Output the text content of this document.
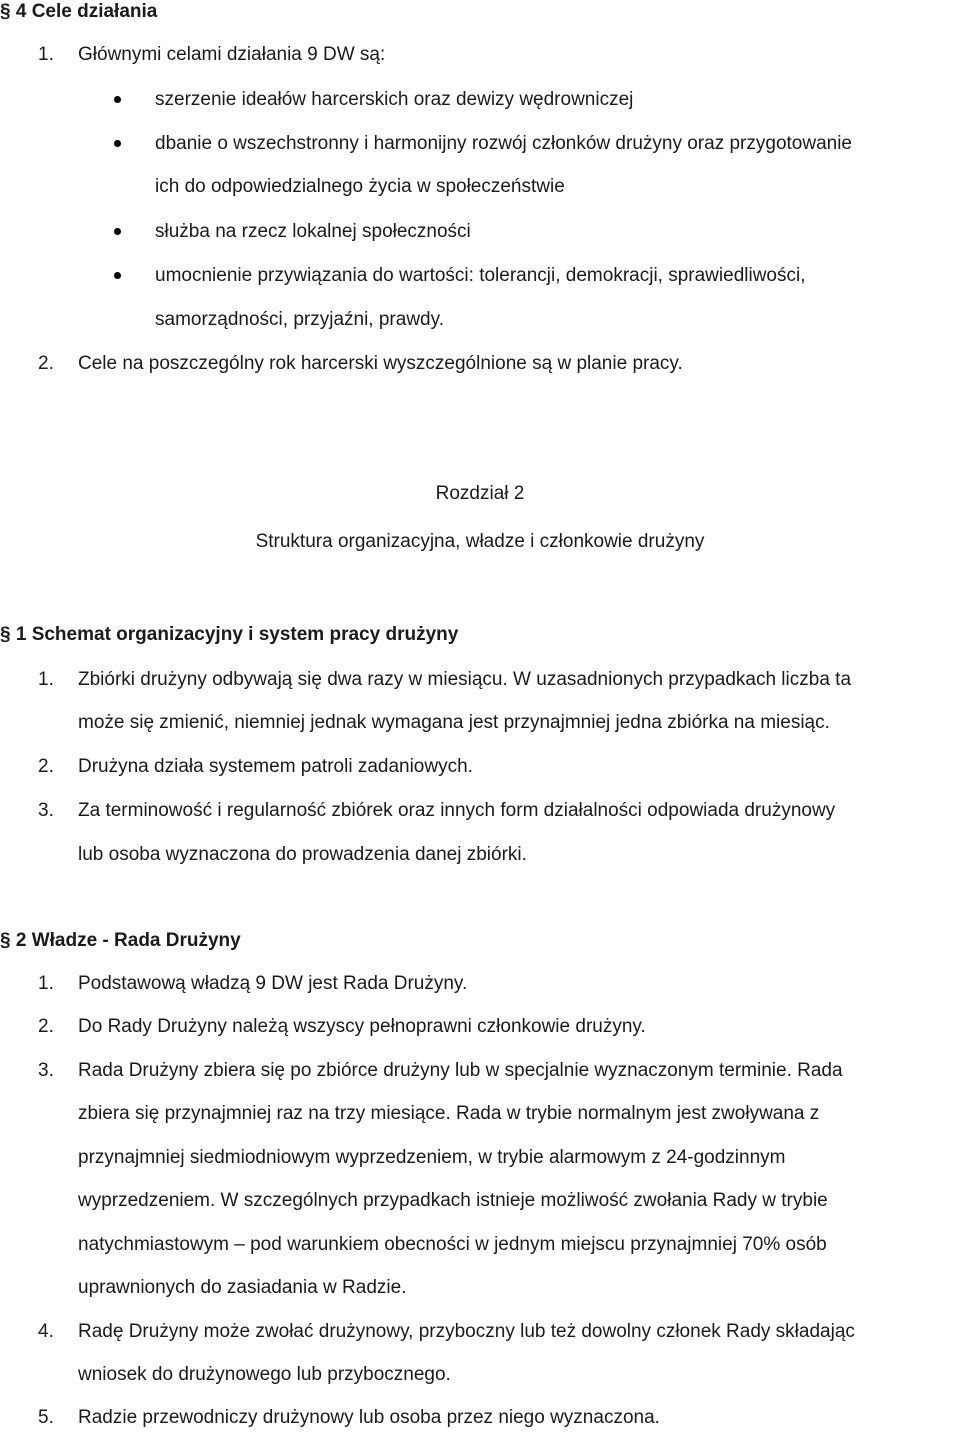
§ 4 Cele działania
1. Głównymi celami działania 9 DW są:
szerzenie ideałów harcerskich oraz dewizy wędrowniczej
dbanie o wszechstronny i harmonijny rozwój członków drużyny oraz przygotowanie
ich do odpowiedzialnego życia w społeczeństwie
służba na rzecz lokalnej społeczności
umocnienie przywiązania do wartości: tolerancji, demokracji, sprawiedliwości,
samorządności, przyjaźni, prawdy.
2. Cele na poszczególny rok harcerski wyszczególnione są w planie pracy.
Rozdział 2
Struktura organizacyjna, władze i członkowie drużyny
§ 1 Schemat organizacyjny i system pracy drużyny
1. Zbiórki drużyny odbywają się dwa razy w miesiącu. W uzasadnionych przypadkach liczba ta
może się zmienić, niemniej jednak wymagana jest przynajmniej jedna zbiórka na miesiąc.
2. Drużyna działa systemem patroli zadaniowych.
3. Za terminowość i regularność zbiórek oraz innych form działalności odpowiada drużynowy
lub osoba wyznaczona do prowadzenia danej zbiórki.
§ 2 Władze - Rada Drużyny
1. Podstawową władzą 9 DW jest Rada Drużyny.
2. Do Rady Drużyny należą wszyscy pełnoprawni członkowie drużyny.
3. Rada Drużyny zbiera się po zbiórce drużyny lub w specjalnie wyznaczonym terminie. Rada
zbiera się przynajmniej raz na trzy miesiące. Rada w trybie normalnym jest zwoływana z
przynajmniej siedmiodniowym wyprzedzeniem, w trybie alarmowym z 24-godzinnym
wyprzedzeniem. W szczególnych przypadkach istnieje możliwość zwołania Rady w trybie
natychmiastowym – pod warunkiem obecności w jednym miejscu przynajmniej 70% osób
uprawnionych do zasiadania w Radzie.
4. Radę Drużyny może zwołać drużynowy, przyboczny lub też dowolny członek Rady składając
wniosek do drużynowego lub przybocznego.
5. Radzie przewodniczy drużynowy lub osoba przez niego wyznaczona.
